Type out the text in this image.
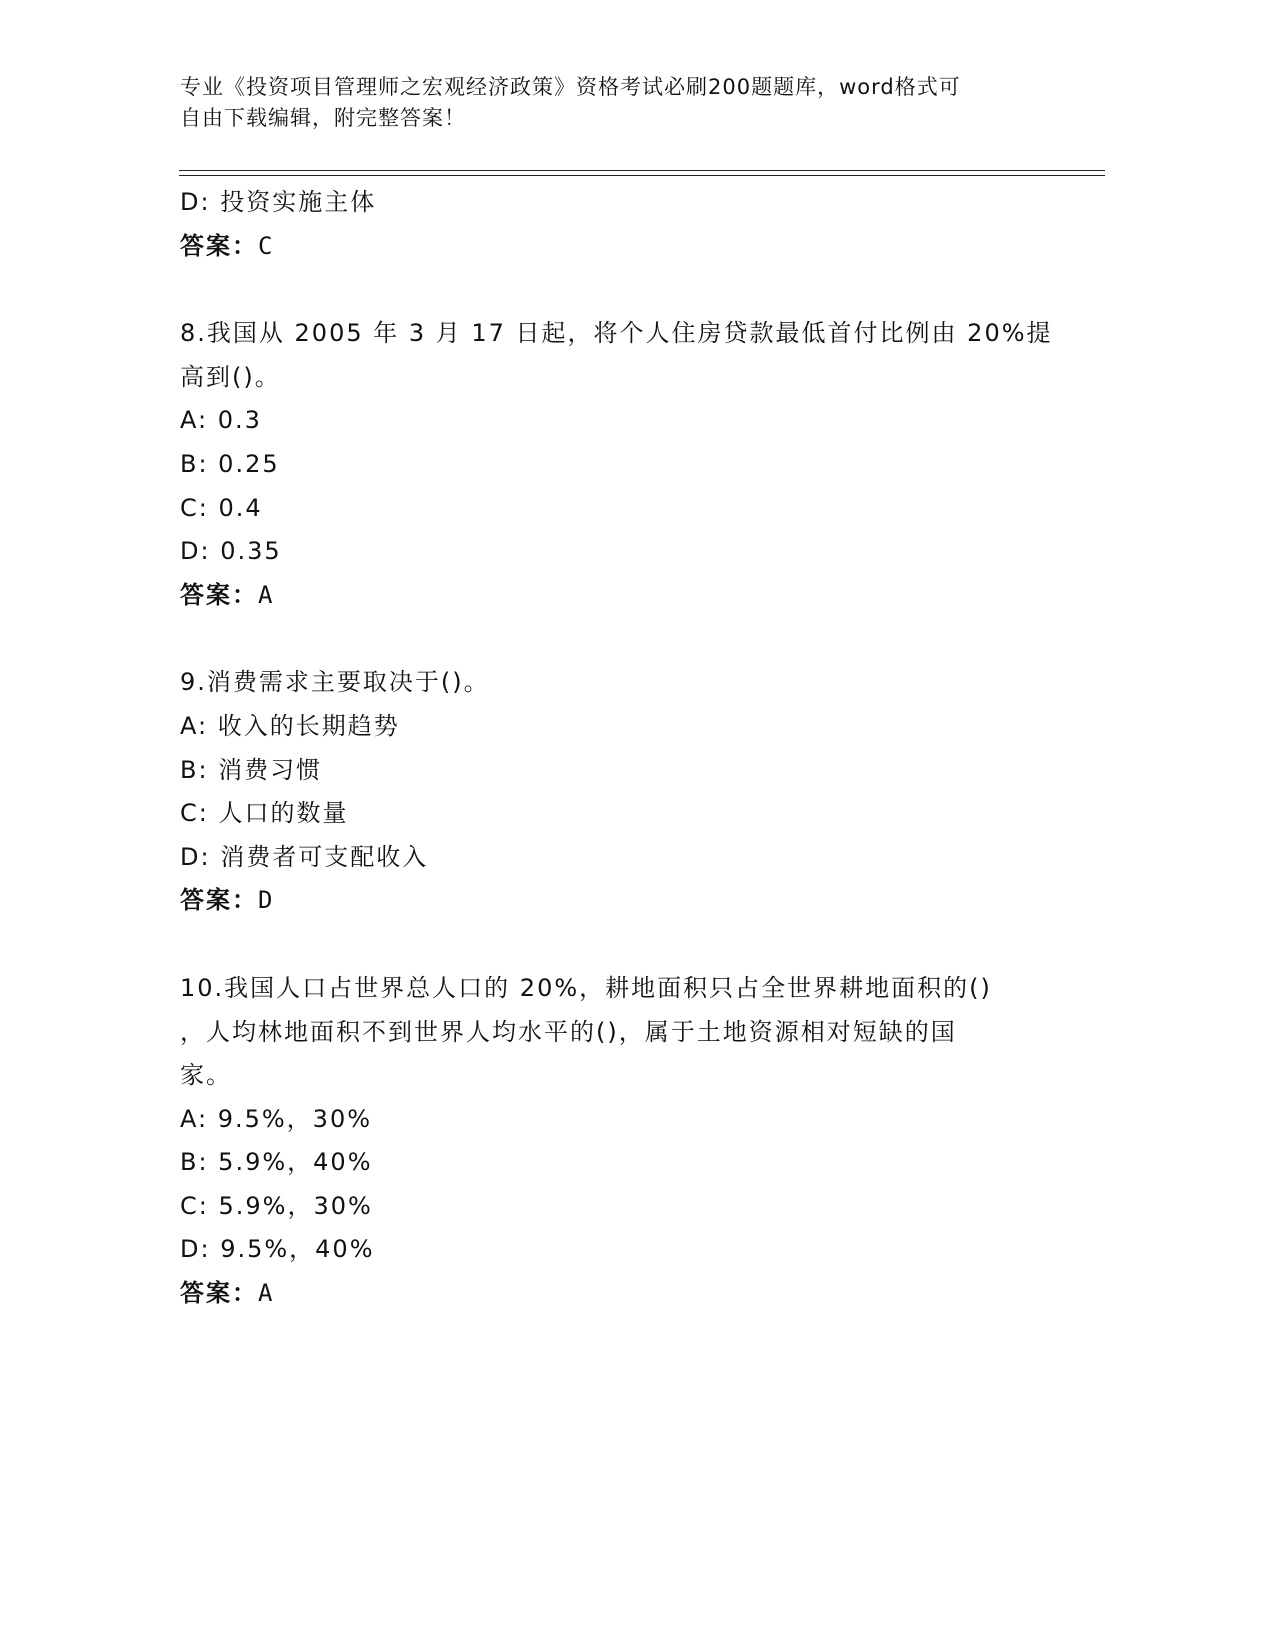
专业《投资项目管理师之宏观经济政策》资格考试必刷200题题库，word格式可
自由下载编辑，附完整答案！
D: 投资实施主体
答案：C
8.我国从 2005 年 3 月 17 日起，将个人住房贷款最低首付比例由 20%提
高到()。
A: 0.3
B: 0.25
C: 0.4
D: 0.35
答案：A
9.消费需求主要取决于()。
A: 收入的长期趋势
B: 消费习惯
C: 人口的数量
D: 消费者可支配收入
答案：D
10.我国人口占世界总人口的 20%，耕地面积只占全世界耕地面积的()
，人均林地面积不到世界人均水平的()，属于土地资源相对短缺的国
家。
A: 9.5%，30%
B: 5.9%，40%
C: 5.9%，30%
D: 9.5%，40%
答案：A
